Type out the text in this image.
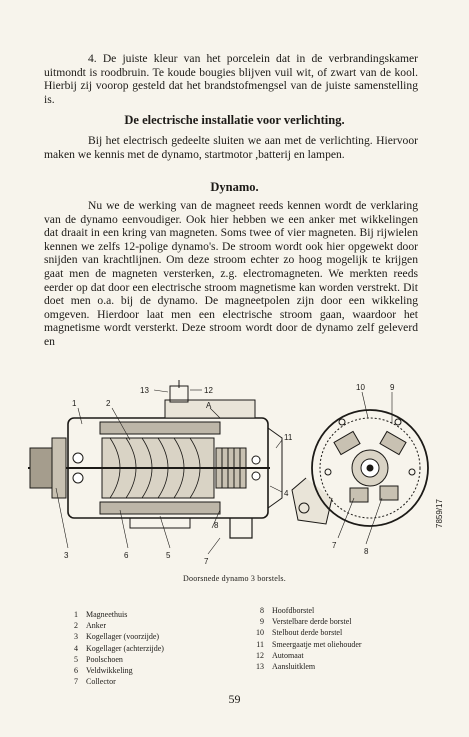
4. De juiste kleur van het porcelein dat in de verbrandingskamer uitmondt is roodbruin. Te koude bougies blijven vuil wit, of zwart van de kool. Hierbij zij voorop gesteld dat het brandstofmengsel van de juiste samenstelling is.

De electrische installatie voor verlichting.

Bij het electrisch gedeelte sluiten we aan met de verlichting. Hiervoor maken we kennis met de dynamo, startmotor ,batterij en lampen.

Dynamo.

Nu we de werking van de magneet reeds kennen wordt de verklaring van de dynamo eenvoudiger. Ook hier hebben we een anker met wikkelingen dat draait in een kring van magneten. Soms twee of vier magneten. Bij rijwielen kennen we zelfs 12-polige dynamo's. De stroom wordt ook hier opgewekt door snijden van krachtlijnen. Om deze stroom echter zo hoog mogelijk te krijgen gaat men de magneten versterken, z.g. electromagneten. We merkten reeds eerder op dat door een electrische stroom magnetisme kan worden verstrekt. Dit doet men o.a. bij de dynamo. De magneetpolen zijn door een wikkeling omgeven. Hierdoor laat men een electrische stroom gaan, waardoor het magnetisme wordt versterkt. Deze stroom wordt door de dynamo zelf geleverd en

1	2
13	12
A
11
4
3	6	5
8
7
10	9
7
8
7859/17
Doorsnede dynamo 3 borstels.
1 Magneethuis
2 Anker
3 Kogellager (voorzijde)
4 Kogellager (achterzijde)
5 Poolschoen
6 Veldwikkeling
7 Collector
8 Hoofdborstel
9 Verstelbare derde borstel
10 Stelbout derde borstel
11 Smeergaatje met oliehouder
12 Automaat
13 Aansluitklem
59
